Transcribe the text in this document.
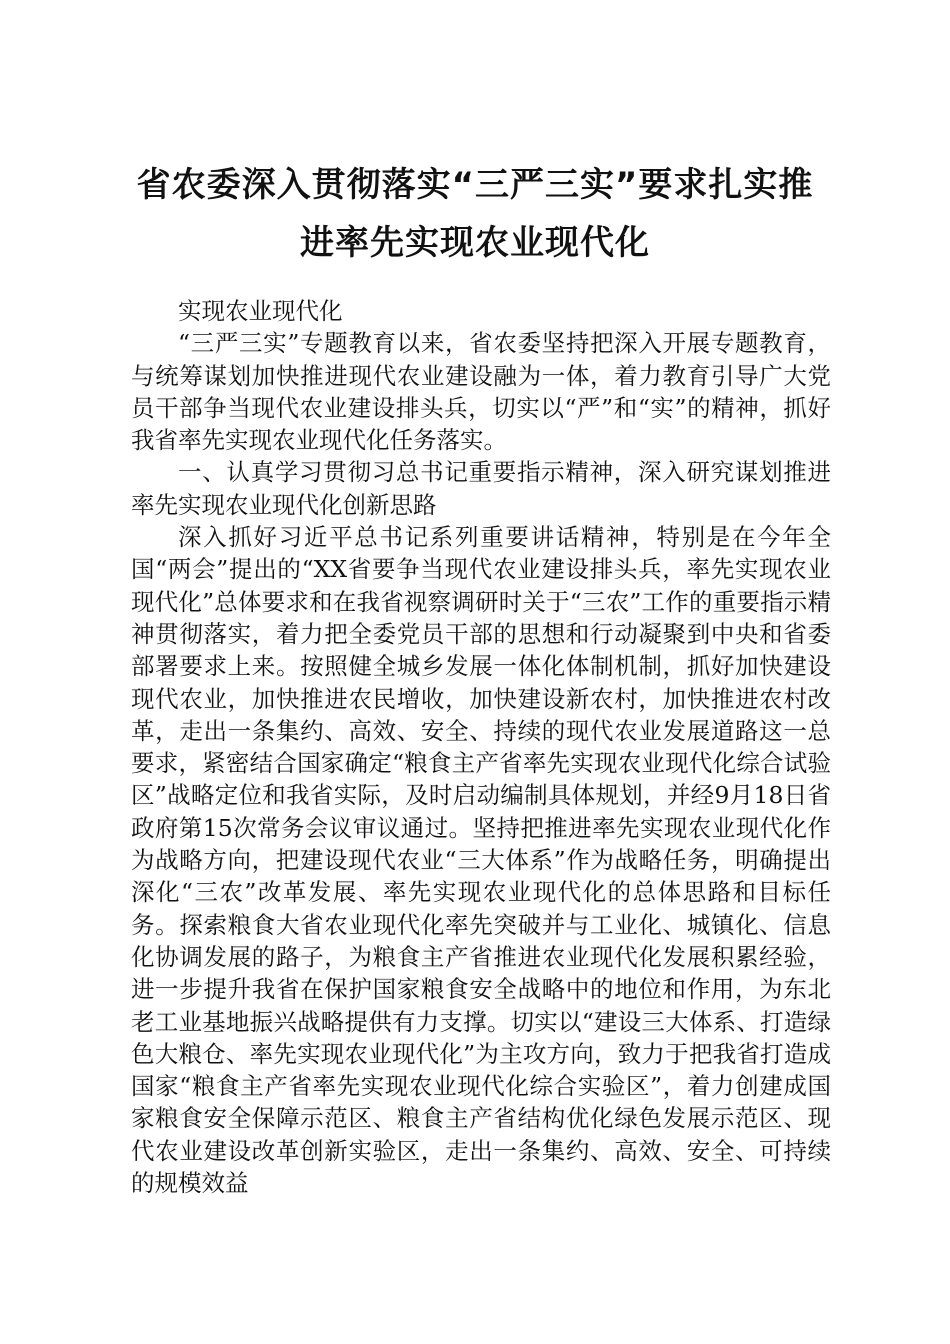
省农委深入贯彻落实“三严三实”要求扎实推
进率先实现农业现代化

实现农业现代化

“三严三实”专题教育以来，省农委坚持把深入开展专题教育，与统筹谋划加快推进现代农业建设融为一体，着力教育引导广大党员干部争当现代农业建设排头兵，切实以“严”和“实”的精神，抓好我省率先实现农业现代化任务落实。

一、认真学习贯彻习总书记重要指示精神，深入研究谋划推进率先实现农业现代化创新思路

深入抓好习近平总书记系列重要讲话精神，特别是在今年全国“两会”提出的“XX省要争当现代农业建设排头兵，率先实现农业现代化”总体要求和在我省视察调研时关于“三农”工作的重要指示精神贯彻落实，着力把全委党员干部的思想和行动凝聚到中央和省委部署要求上来。按照健全城乡发展一体化体制机制，抓好加快建设现代农业，加快推进农民增收，加快建设新农村，加快推进农村改革，走出一条集约、高效、安全、持续的现代农业发展道路这一总要求，紧密结合国家确定“粮食主产省率先实现农业现代化综合试验区”战略定位和我省实际，及时启动编制具体规划，并经9月18日省政府第15次常务会议审议通过。坚持把推进率先实现农业现代化作为战略方向，把建设现代农业“三大体系”作为战略任务，明确提出深化“三农”改革发展、率先实现农业现代化的总体思路和目标任务。探索粮食大省农业现代化率先突破并与工业化、城镇化、信息化协调发展的路子，为粮食主产省推进农业现代化发展积累经验，进一步提升我省在保护国家粮食安全战略中的地位和作用，为东北老工业基地振兴战略提供有力支撑。切实以“建设三大体系、打造绿色大粮仓、率先实现农业现代化”为主攻方向，致力于把我省打造成国家“粮食主产省率先实现农业现代化综合实验区”，着力创建成国家粮食安全保障示范区、粮食主产省结构优化绿色发展示范区、现代农业建设改革创新实验区，走出一条集约、高效、安全、可持续的规模效益
